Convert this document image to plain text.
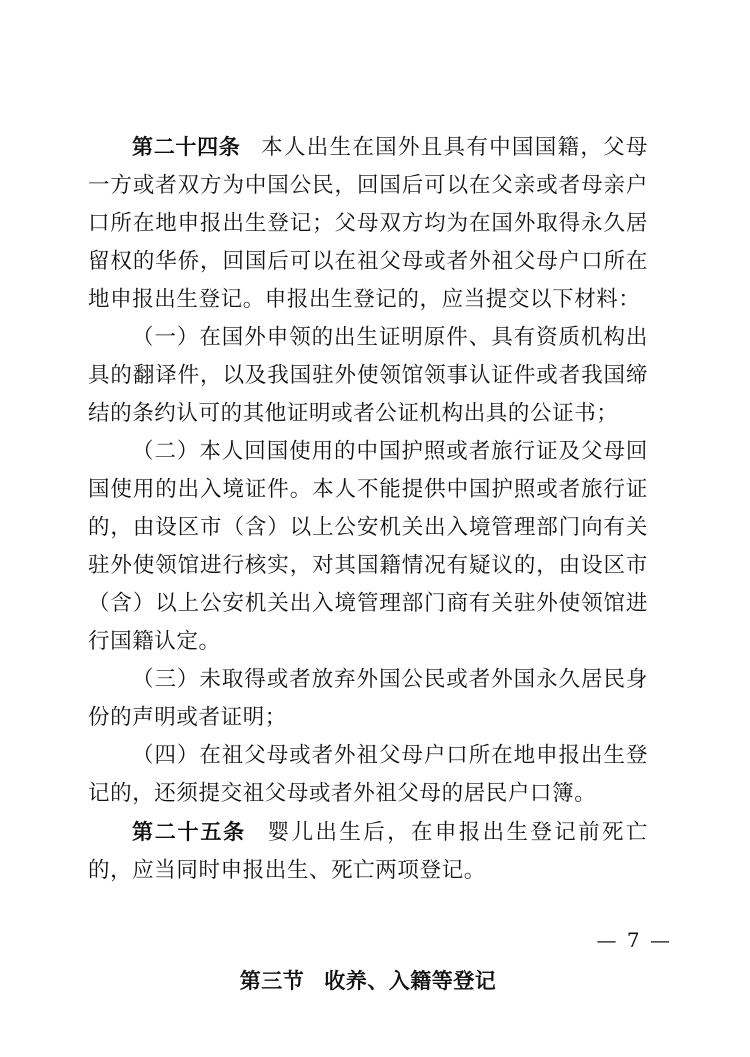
第二十四条 本人出生在国外且具有中国国籍，父母一方或者双方为中国公民，回国后可以在父亲或者母亲户口所在地申报出生登记；父母双方均为在国外取得永久居留权的华侨，回国后可以在祖父母或者外祖父母户口所在地申报出生登记。申报出生登记的，应当提交以下材料：

（一）在国外申领的出生证明原件、具有资质机构出具的翻译件，以及我国驻外使领馆领事认证件或者我国缔结的条约认可的其他证明或者公证机构出具的公证书；

（二）本人回国使用的中国护照或者旅行证及父母回国使用的出入境证件。本人不能提供中国护照或者旅行证的，由设区市（含）以上公安机关出入境管理部门向有关驻外使领馆进行核实，对其国籍情况有疑议的，由设区市（含）以上公安机关出入境管理部门商有关驻外使领馆进行国籍认定。

（三）未取得或者放弃外国公民或者外国永久居民身份的声明或者证明；

（四）在祖父母或者外祖父母户口所在地申报出生登记的，还须提交祖父母或者外祖父母的居民户口簿。

第二十五条 婴儿出生后，在申报出生登记前死亡的，应当同时申报出生、死亡两项登记。

第三节 收养、入籍等登记

— 7 —
